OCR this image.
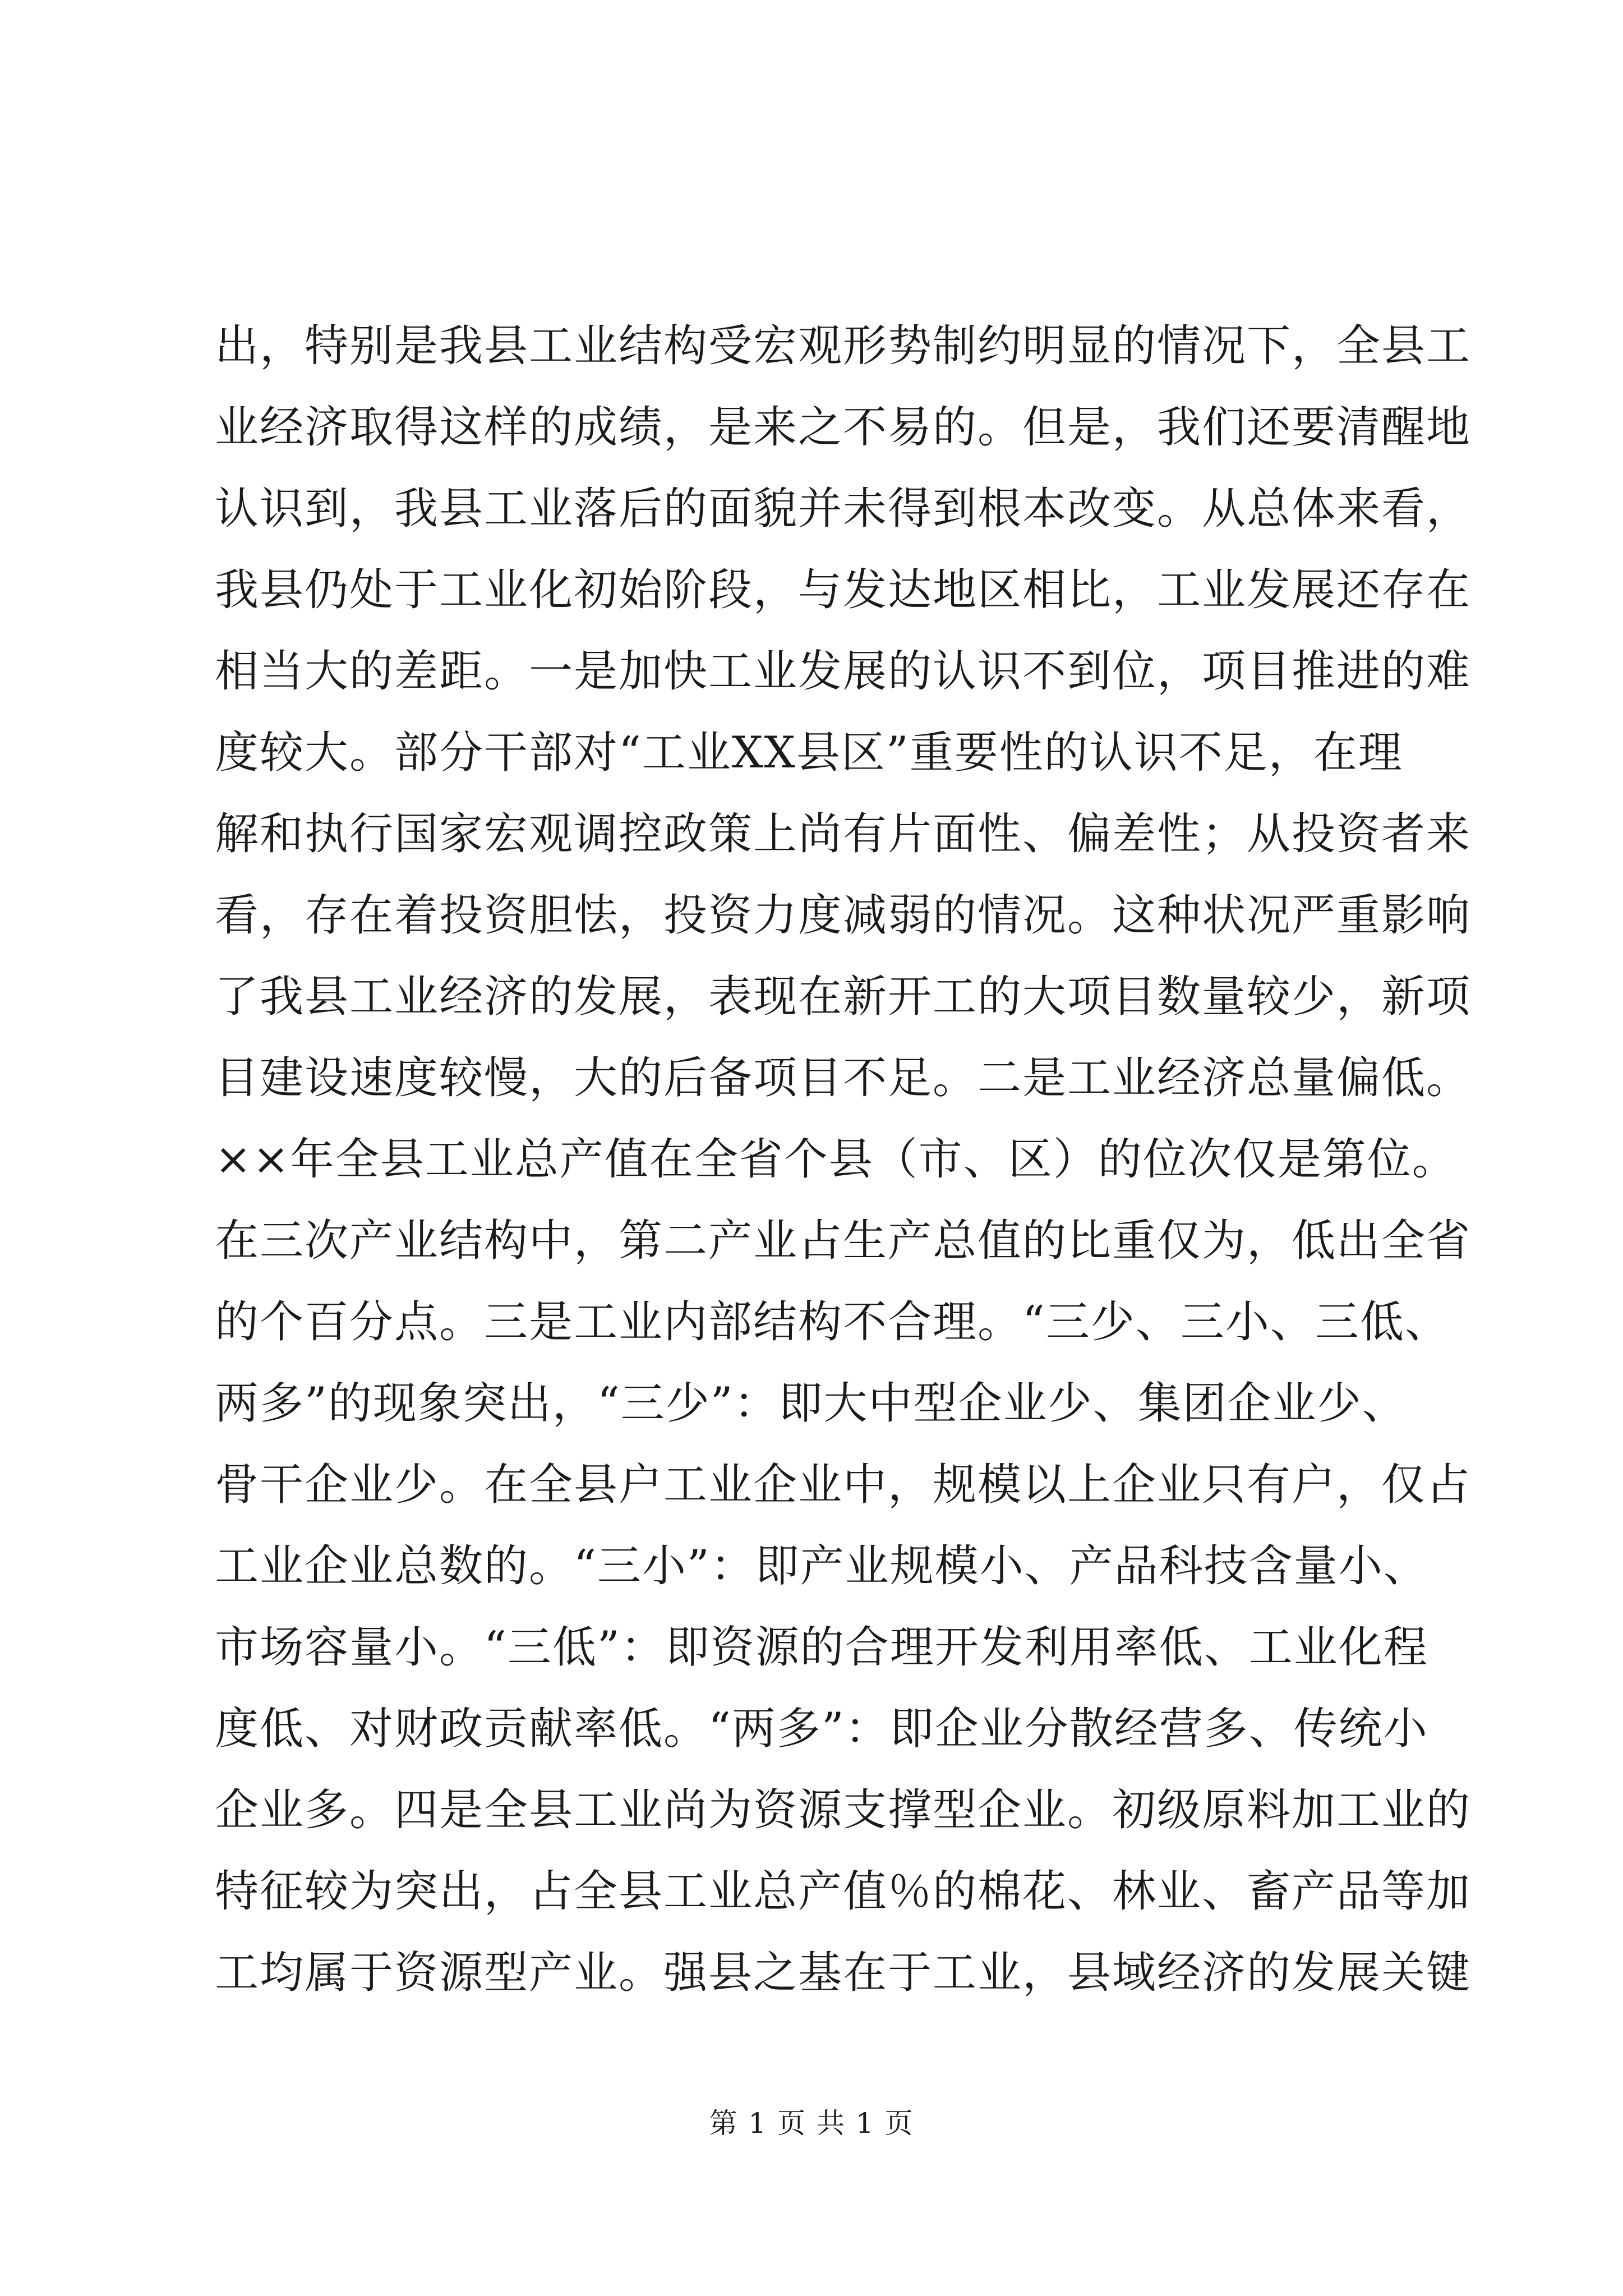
出，特别是我县工业结构受宏观形势制约明显的情况下，全县工
业经济取得这样的成绩，是来之不易的。但是，我们还要清醒地
认识到，我县工业落后的面貌并未得到根本改变。从总体来看，
我县仍处于工业化初始阶段，与发达地区相比，工业发展还存在
相当大的差距。一是加快工业发展的认识不到位，项目推进的难
度较大。部分干部对“工业XX县区”重要性的认识不足，在理
解和执行国家宏观调控政策上尚有片面性、偏差性；从投资者来
看，存在着投资胆怯，投资力度减弱的情况。这种状况严重影响
了我县工业经济的发展，表现在新开工的大项目数量较少，新项
目建设速度较慢，大的后备项目不足。二是工业经济总量偏低。
××年全县工业总产值在全省个县（市、区）的位次仅是第位。
在三次产业结构中，第二产业占生产总值的比重仅为，低出全省
的个百分点。三是工业内部结构不合理。“三少、三小、三低、
两多”的现象突出，“三少”：即大中型企业少、集团企业少、
骨干企业少。在全县户工业企业中，规模以上企业只有户，仅占
工业企业总数的。“三小”：即产业规模小、产品科技含量小、
市场容量小。“三低”：即资源的合理开发利用率低、工业化程
度低、对财政贡献率低。“两多”：即企业分散经营多、传统小
企业多。四是全县工业尚为资源支撑型企业。初级原料加工业的
特征较为突出，占全县工业总产值％的棉花、林业、畜产品等加
工均属于资源型产业。强县之基在于工业，县域经济的发展关键
第 1 页 共 1 页
